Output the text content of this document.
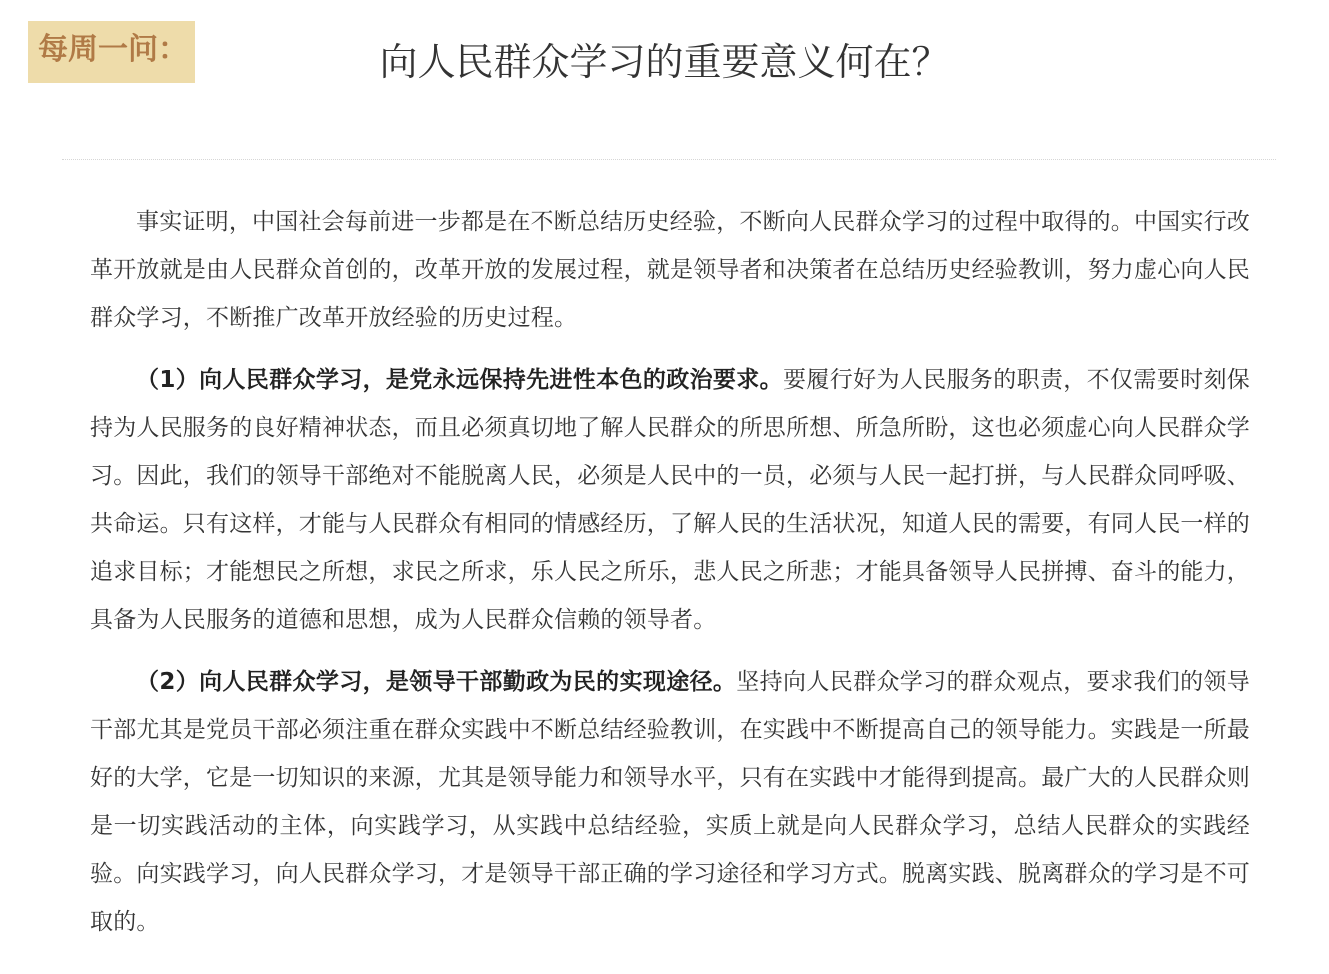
每周一问：	向人民群众学习的重要意义何在？

事实证明，中国社会每前进一步都是在不断总结历史经验，不断向人民群众学习的过程中取得的。中国实行改革开放就是由人民群众首创的，改革开放的发展过程，就是领导者和决策者在总结历史经验教训，努力虚心向人民群众学习，不断推广改革开放经验的历史过程。

（1）向人民群众学习，是党永远保持先进性本色的政治要求。要履行好为人民服务的职责，不仅需要时刻保持为人民服务的良好精神状态，而且必须真切地了解人民群众的所思所想、所急所盼，这也必须虚心向人民群众学习。因此，我们的领导干部绝对不能脱离人民，必须是人民中的一员，必须与人民一起打拼，与人民群众同呼吸、共命运。只有这样，才能与人民群众有相同的情感经历，了解人民的生活状况，知道人民的需要，有同人民一样的追求目标；才能想民之所想，求民之所求，乐人民之所乐，悲人民之所悲；才能具备领导人民拼搏、奋斗的能力，具备为人民服务的道德和思想，成为人民群众信赖的领导者。

（2）向人民群众学习，是领导干部勤政为民的实现途径。坚持向人民群众学习的群众观点，要求我们的领导干部尤其是党员干部必须注重在群众实践中不断总结经验教训，在实践中不断提高自己的领导能力。实践是一所最好的大学，它是一切知识的来源，尤其是领导能力和领导水平，只有在实践中才能得到提高。最广大的人民群众则是一切实践活动的主体，向实践学习，从实践中总结经验，实质上就是向人民群众学习，总结人民群众的实践经验。向实践学习，向人民群众学习，才是领导干部正确的学习途径和学习方式。脱离实践、脱离群众的学习是不可取的。
